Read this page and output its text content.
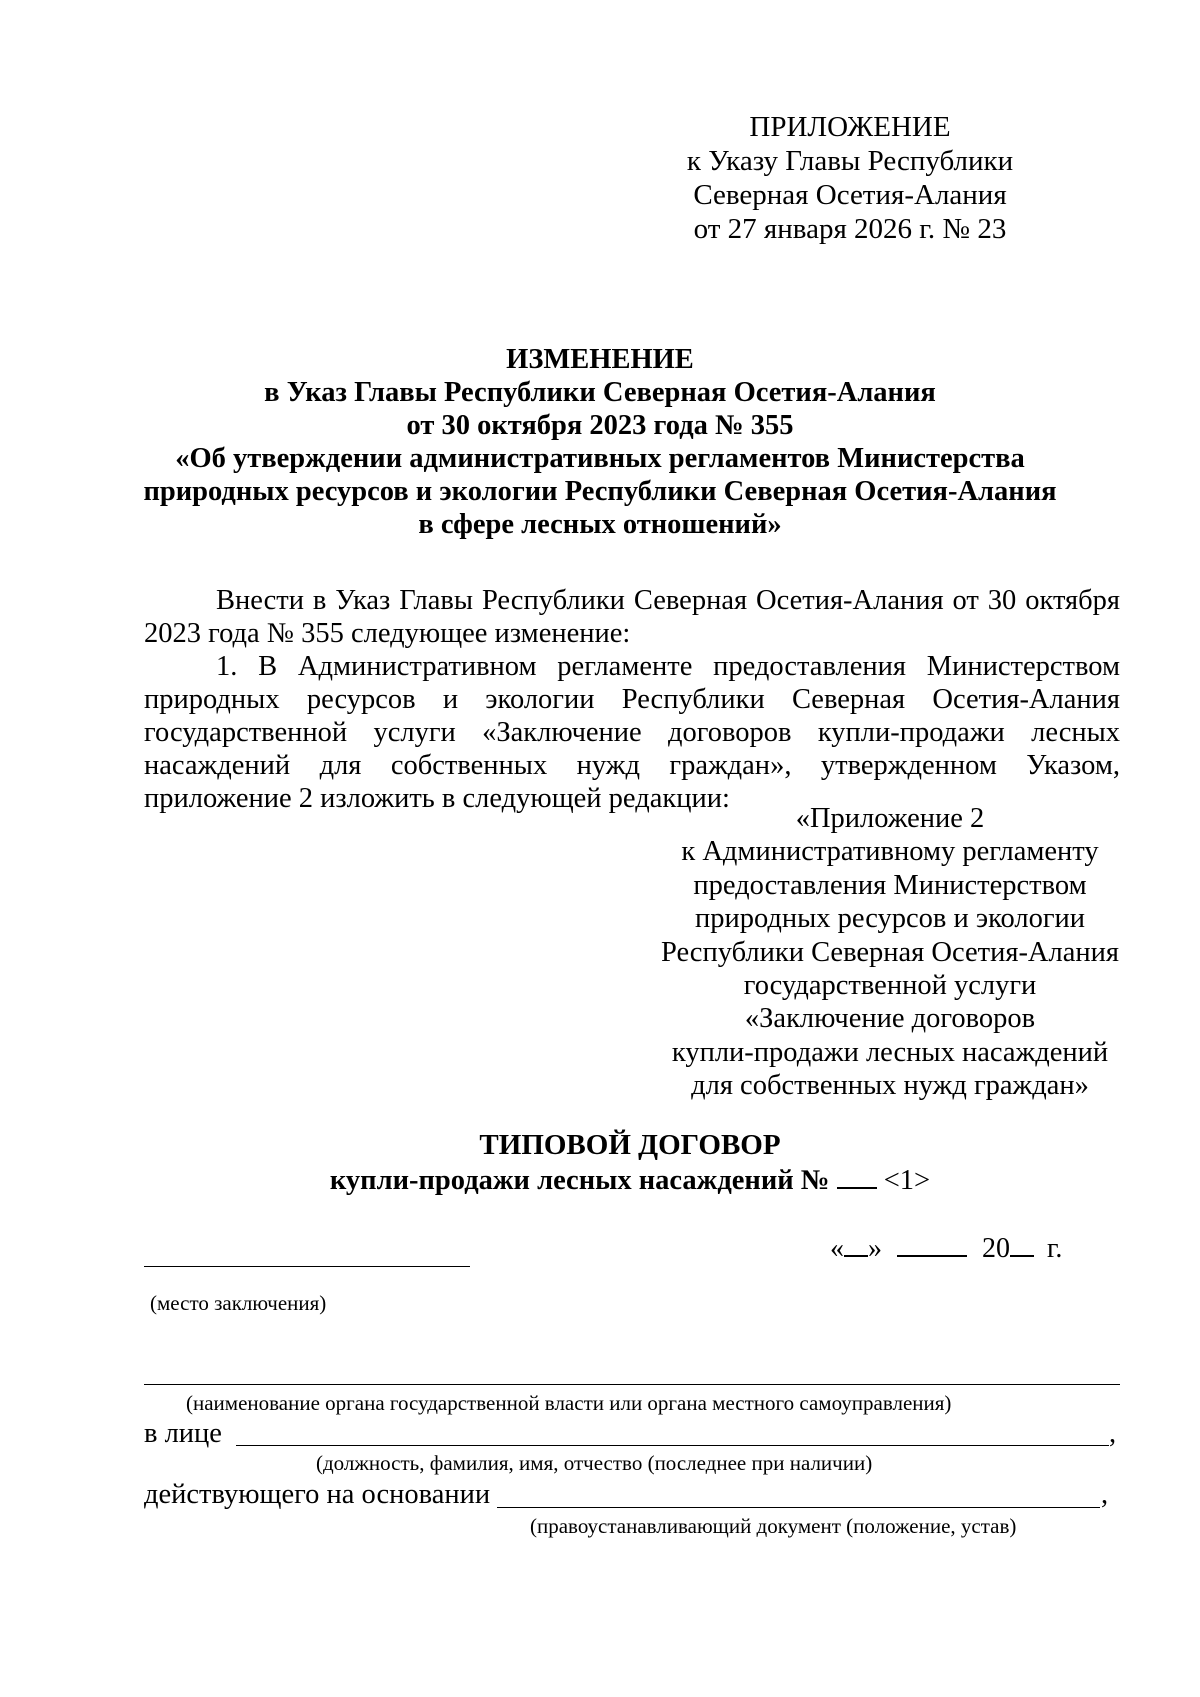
ПРИЛОЖЕНИЕ
к Указу Главы Республики
Северная Осетия-Алания
от 27 января 2026 г. № 23
ИЗМЕНЕНИЕ
в Указ Главы Республики Северная Осетия-Алания
от 30 октября 2023 года № 355
«Об утверждении административных регламентов Министерства
природных ресурсов и экологии Республики Северная Осетия-Алания
в сфере лесных отношений»
Внести в Указ Главы Республики Северная Осетия-Алания от 30 октября
2023 года № 355 следующее изменение:
1. В Административном регламенте предоставления Министерством
природных ресурсов и экологии Республики Северная Осетия-Алания
государственной услуги «Заключение договоров купли-продажи лесных
насаждений для собственных нужд граждан», утвержденном Указом,
приложение 2 изложить в следующей редакции:
«Приложение 2
к Административному регламенту
предоставления Министерством
природных ресурсов и экологии
Республики Северная Осетия-Алания
государственной услуги
«Заключение договоров
купли-продажи лесных насаждений
для собственных нужд граждан»
ТИПОВОЙ ДОГОВОР
купли-продажи лесных насаждений № <1>
« »	20 г.
(место заключения)
(наименование органа государственной власти или органа местного самоуправления)
в лице	,
(должность, фамилия, имя, отчество (последнее при наличии)
действующего на основании	,
(правоустанавливающий документ (положение, устав)
